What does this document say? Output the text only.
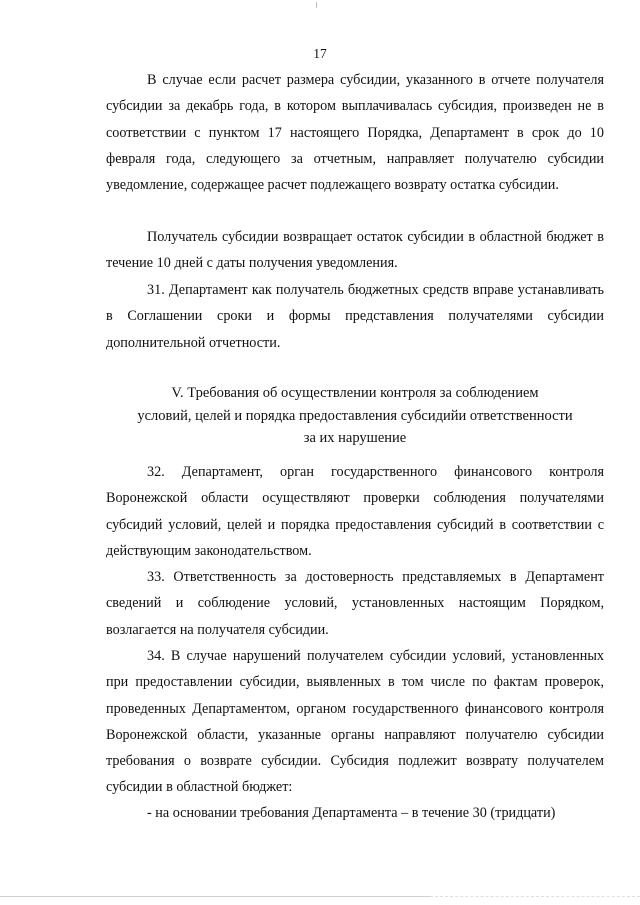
17

В случае если расчет размера субсидии, указанного в отчете получателя субсидии за декабрь года, в котором выплачивалась субсидия, произведен не в соответствии с пунктом 17 настоящего Порядка, Департамент в срок до 10 февраля года, следующего за отчетным, направляет получателю субсидии уведомление, содержащее расчет подлежащего возврату остатка субсидии.

Получатель субсидии возвращает остаток субсидии в областной бюджет в течение 10 дней с даты получения уведомления.

31. Департамент как получатель бюджетных средств вправе устанавливать в Соглашении сроки и формы представления получателями субсидии дополнительной отчетности.

V. Требования об осуществлении контроля за соблюдением
условий, целей и порядка предоставления субсидийи ответственности
за их нарушение

32. Департамент, орган государственного финансового контроля Воронежской области осуществляют проверки соблюдения получателями субсидий условий, целей и порядка предоставления субсидий в соответствии с действующим законодательством.

33. Ответственность за достоверность представляемых в Департамент сведений и соблюдение условий, установленных настоящим Порядком, возлагается на получателя субсидии.

34. В случае нарушений получателем субсидии условий, установленных при предоставлении субсидии, выявленных в том числе по фактам проверок, проведенных Департаментом, органом государственного финансового контроля Воронежской области, указанные органы направляют получателю субсидии требования о возврате субсидии. Субсидия подлежит возврату получателем субсидии в областной бюджет:

- на основании требования Департамента – в течение 30 (тридцати)
